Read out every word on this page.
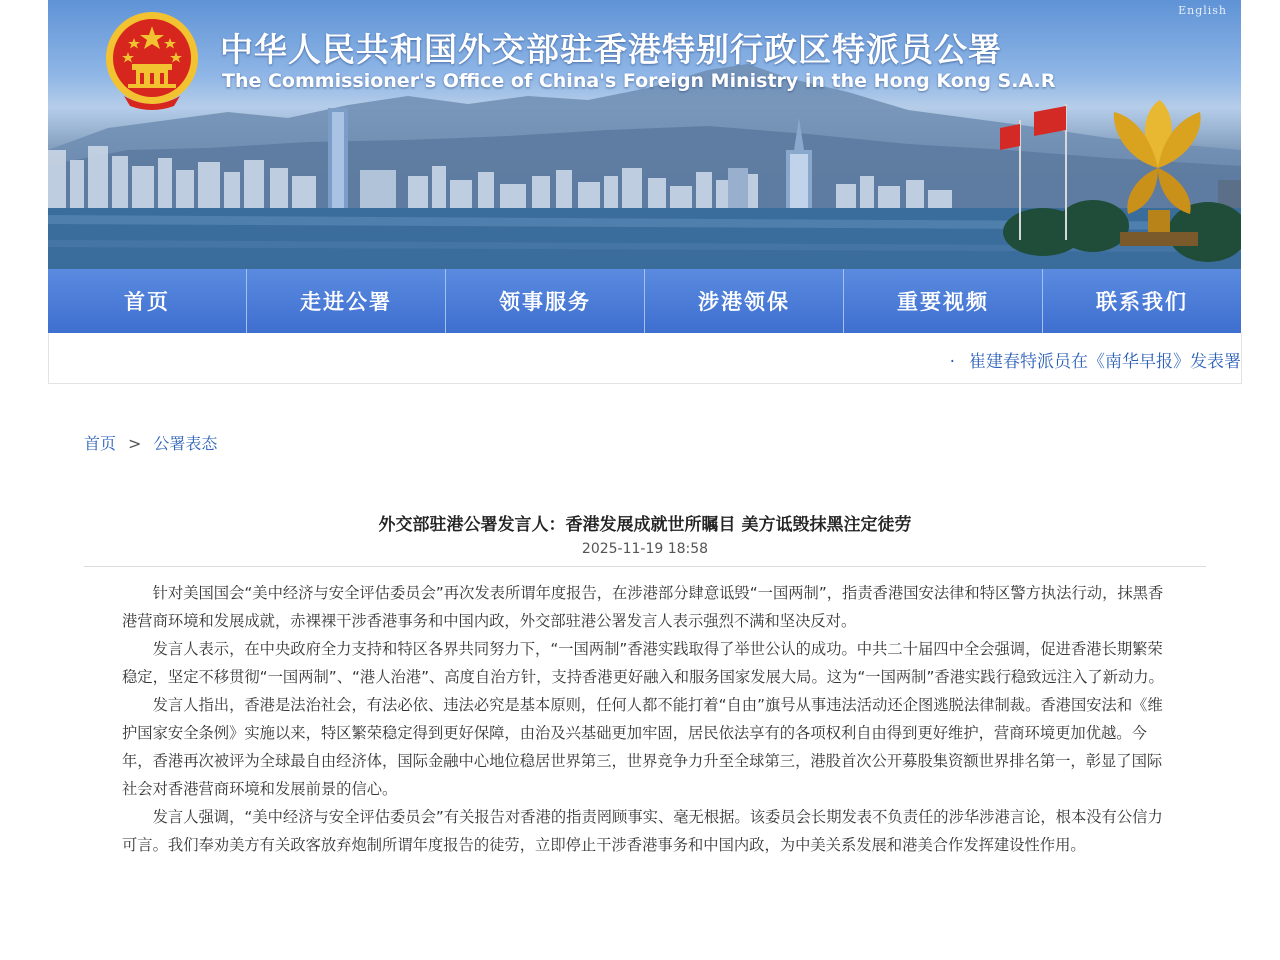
English
中华人民共和国外交部驻香港特别行政区特派员公署
The Commissioner's Office of China's Foreign Ministry in the Hong Kong S.A.R
首页	走进公署	领事服务	涉港领保	重要视频	联系我们
· 崔建春特派员在《南华早报》发表署
首页 > 公署表态
外交部驻港公署发言人：香港发展成就世所瞩目 美方诋毁抹黑注定徒劳
2025-11-19 18:58

针对美国国会“美中经济与安全评估委员会”再次发表所谓年度报告，在涉港部分肆意诋毁“一国两制”，指责香港国安法律和特区警方执法行动，抹黑香港营商环境和发展成就，赤裸裸干涉香港事务和中国内政，外交部驻港公署发言人表示强烈不满和坚决反对。

发言人表示，在中央政府全力支持和特区各界共同努力下，“一国两制”香港实践取得了举世公认的成功。中共二十届四中全会强调，促进香港长期繁荣稳定，坚定不移贯彻“一国两制”、“港人治港”、高度自治方针，支持香港更好融入和服务国家发展大局。这为“一国两制”香港实践行稳致远注入了新动力。

发言人指出，香港是法治社会，有法必依、违法必究是基本原则，任何人都不能打着“自由”旗号从事违法活动还企图逃脱法律制裁。香港国安法和《维护国家安全条例》实施以来，特区繁荣稳定得到更好保障，由治及兴基础更加牢固，居民依法享有的各项权利自由得到更好维护，营商环境更加优越。今年，香港再次被评为全球最自由经济体，国际金融中心地位稳居世界第三，世界竞争力升至全球第三，港股首次公开募股集资额世界排名第一，彰显了国际社会对香港营商环境和发展前景的信心。

发言人强调，“美中经济与安全评估委员会”有关报告对香港的指责罔顾事实、毫无根据。该委员会长期发表不负责任的涉华涉港言论，根本没有公信力可言。我们奉劝美方有关政客放弃炮制所谓年度报告的徒劳，立即停止干涉香港事务和中国内政，为中美关系发展和港美合作发挥建设性作用。
